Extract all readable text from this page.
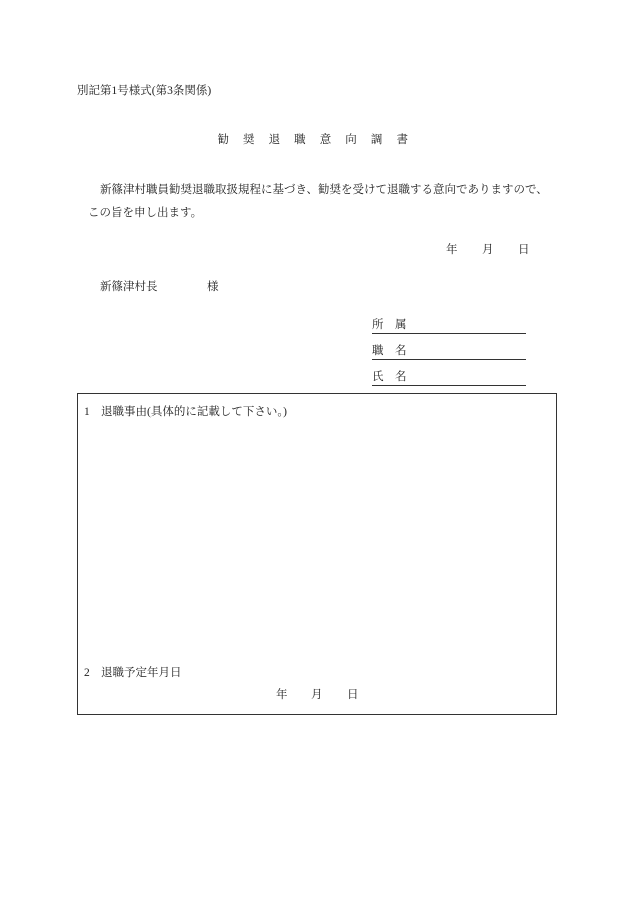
別記第1号様式(第3条関係)
勧 奨 退 職 意 向 調 書
新篠津村職員勧奨退職取扱規程に基づき、勧奨を受けて退職する意向でありますので、
この旨を申し出ます。
年 月 日
新篠津村長	様
所　属
職　名
氏　名
1 退職事由(具体的に記載して下さい。)
2 退職予定年月日
年 月 日
